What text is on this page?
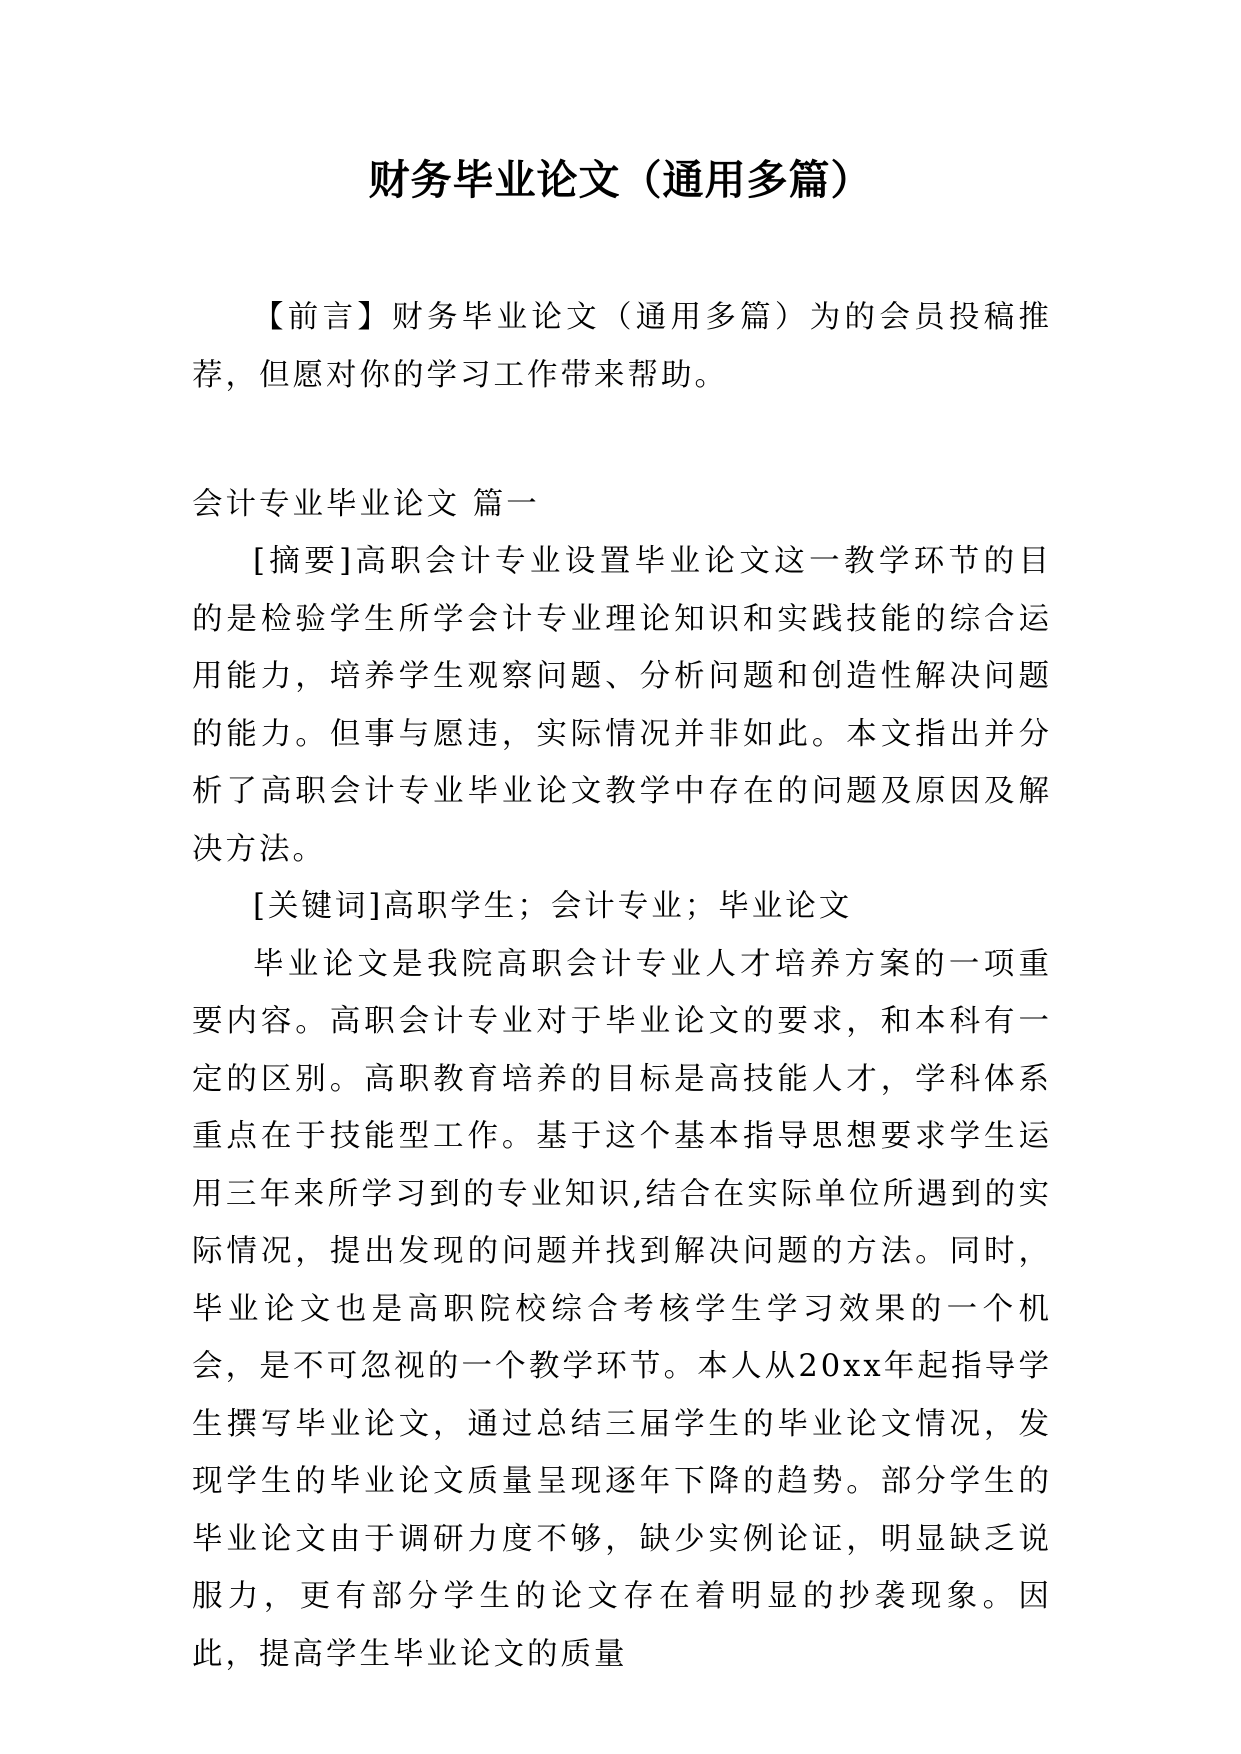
财务毕业论文（通用多篇）

【前言】财务毕业论文（通用多篇）为的会员投稿推荐，但愿对你的学习工作带来帮助。

会计专业毕业论文 篇一

[摘要]高职会计专业设置毕业论文这一教学环节的目的是检验学生所学会计专业理论知识和实践技能的综合运用能力，培养学生观察问题、分析问题和创造性解决问题的能力。但事与愿违，实际情况并非如此。本文指出并分析了高职会计专业毕业论文教学中存在的问题及原因及解决方法。

[关键词]高职学生；会计专业；毕业论文

毕业论文是我院高职会计专业人才培养方案的一项重要内容。高职会计专业对于毕业论文的要求，和本科有一定的区别。高职教育培养的目标是高技能人才，学科体系重点在于技能型工作。基于这个基本指导思想要求学生运用三年来所学习到的专业知识,结合在实际单位所遇到的实际情况，提出发现的问题并找到解决问题的方法。同时，毕业论文也是高职院校综合考核学生学习效果的一个机会，是不可忽视的一个教学环节。本人从20xx年起指导学生撰写毕业论文，通过总结三届学生的毕业论文情况，发现学生的毕业论文质量呈现逐年下降的趋势。部分学生的毕业论文由于调研力度不够，缺少实例论证，明显缺乏说服力，更有部分学生的论文存在着明显的抄袭现象。因此，提高学生毕业论文的质量
